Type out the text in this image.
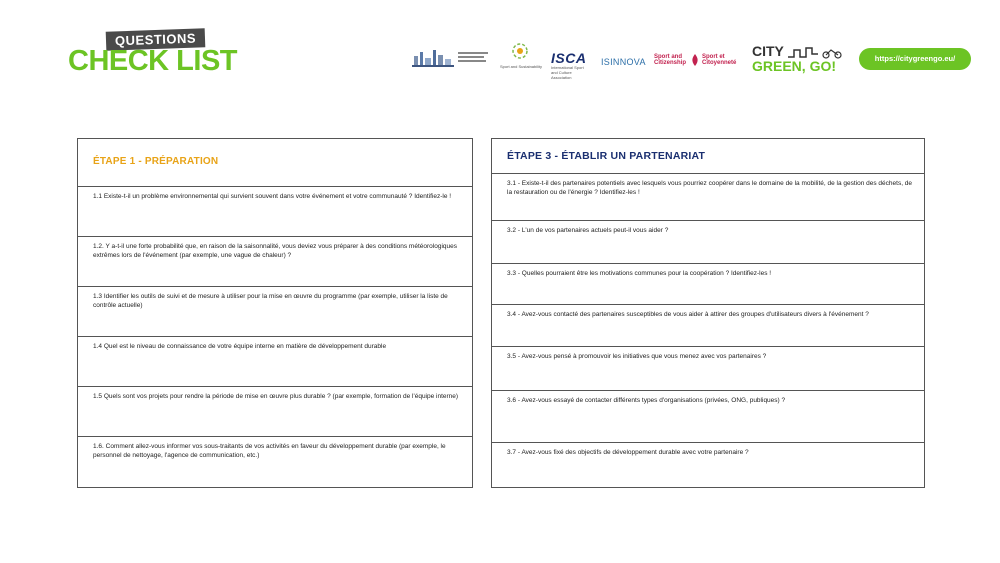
QUESTIONS
CHECK LIST	Sport and Sustainability
ISCA
International Sport and Culture Association
ISINNOVA Sport and Citizenship
Sport et Citoyenneté
CITY
GREEN, GO!	https://citygreengo.eu/
ÉTAPE 1 - PRÉPARATION
1.1 Existe-t-il un problème environnemental qui survient souvent dans votre événement et votre communauté ? Identifiez-le !
1.2. Y a-t-il une forte probabilité que, en raison de la saisonnalité, vous deviez vous préparer à des conditions météorologiques extrêmes lors de l'événement (par exemple, une vague de chaleur) ?
1.3 Identifier les outils de suivi et de mesure à utiliser pour la mise en œuvre du programme (par exemple, utiliser la liste de contrôle actuelle)
1.4 Quel est le niveau de connaissance de votre équipe interne en matière de développement durable
1.5 Quels sont vos projets pour rendre la période de mise en œuvre plus durable ? (par exemple, formation de l'équipe interne)
1.6. Comment allez-vous informer vos sous-traitants de vos activités en faveur du développement durable (par exemple, le personnel de nettoyage, l'agence de communication, etc.)
ÉTAPE 3 - ÉTABLIR UN PARTENARIAT
3.1 - Existe-t-il des partenaires potentiels avec lesquels vous pourriez coopérer dans le domaine de la mobilité, de la gestion des déchets, de la restauration ou de l'énergie ? Identifiez-les !
3.2 - L'un de vos partenaires actuels peut-il vous aider ?
3.3 - Quelles pourraient être les motivations communes pour la coopération ? Identifiez-les !
3.4 - Avez-vous contacté des partenaires susceptibles de vous aider à attirer des groupes d'utilisateurs divers à l'événement ?
3.5 - Avez-vous pensé à promouvoir les initiatives que vous menez avec vos partenaires ?
3.6 - Avez-vous essayé de contacter différents types d'organisations (privées, ONG, publiques) ?
3.7 - Avez-vous fixé des objectifs de développement durable avec votre partenaire ?
